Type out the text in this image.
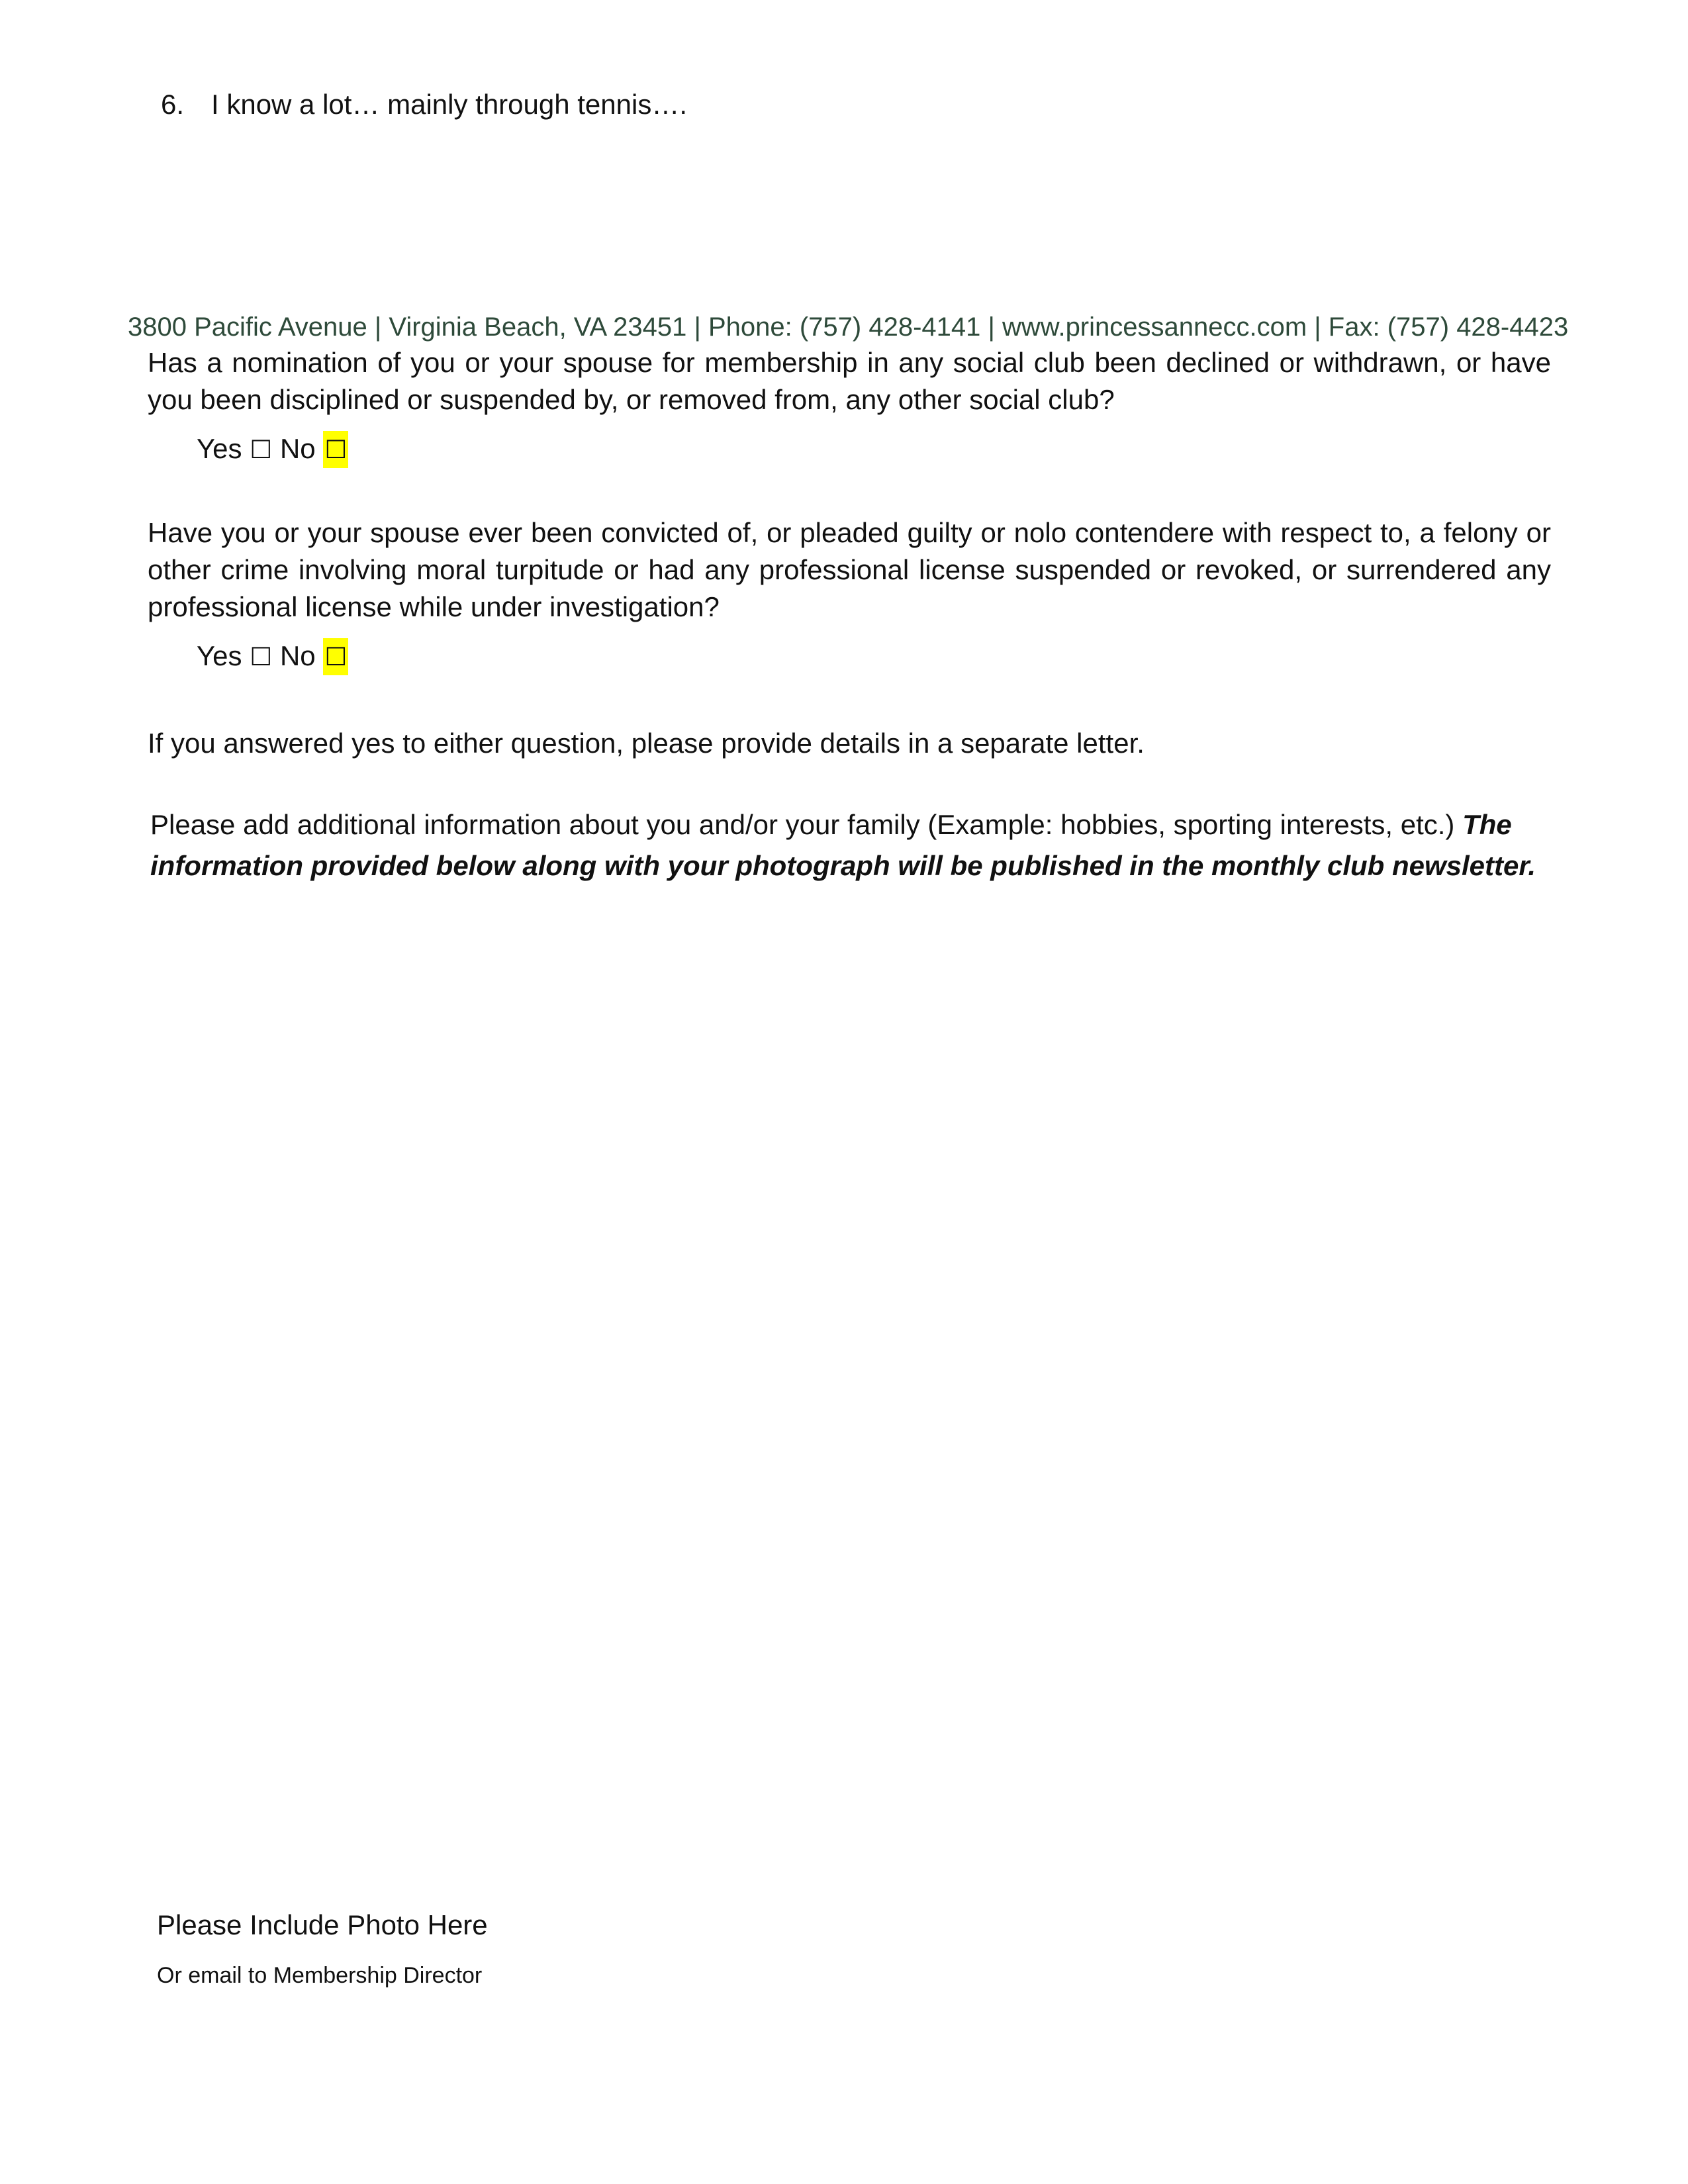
6. I know a lot… mainly through tennis….
3800 Pacific Avenue | Virginia Beach, VA 23451 | Phone: (757) 428-4141 | www.princessannecc.com | Fax: (757) 428-4423
Has a nomination of you or your spouse for membership in any social club been declined or withdrawn, or have you been disciplined or suspended by, or removed from, any other social club?
Yes ☐ No ☐
Have you or your spouse ever been convicted of, or pleaded guilty or nolo contendere with respect to, a felony or other crime involving moral turpitude or had any professional license suspended or revoked, or surrendered any professional license while under investigation?
Yes ☐ No ☐
If you answered yes to either question, please provide details in a separate letter.
Please add additional information about you and/or your family (Example: hobbies, sporting interests, etc.) The information provided below along with your photograph will be published in the monthly club newsletter.
Please Include Photo Here
Or email to Membership Director
